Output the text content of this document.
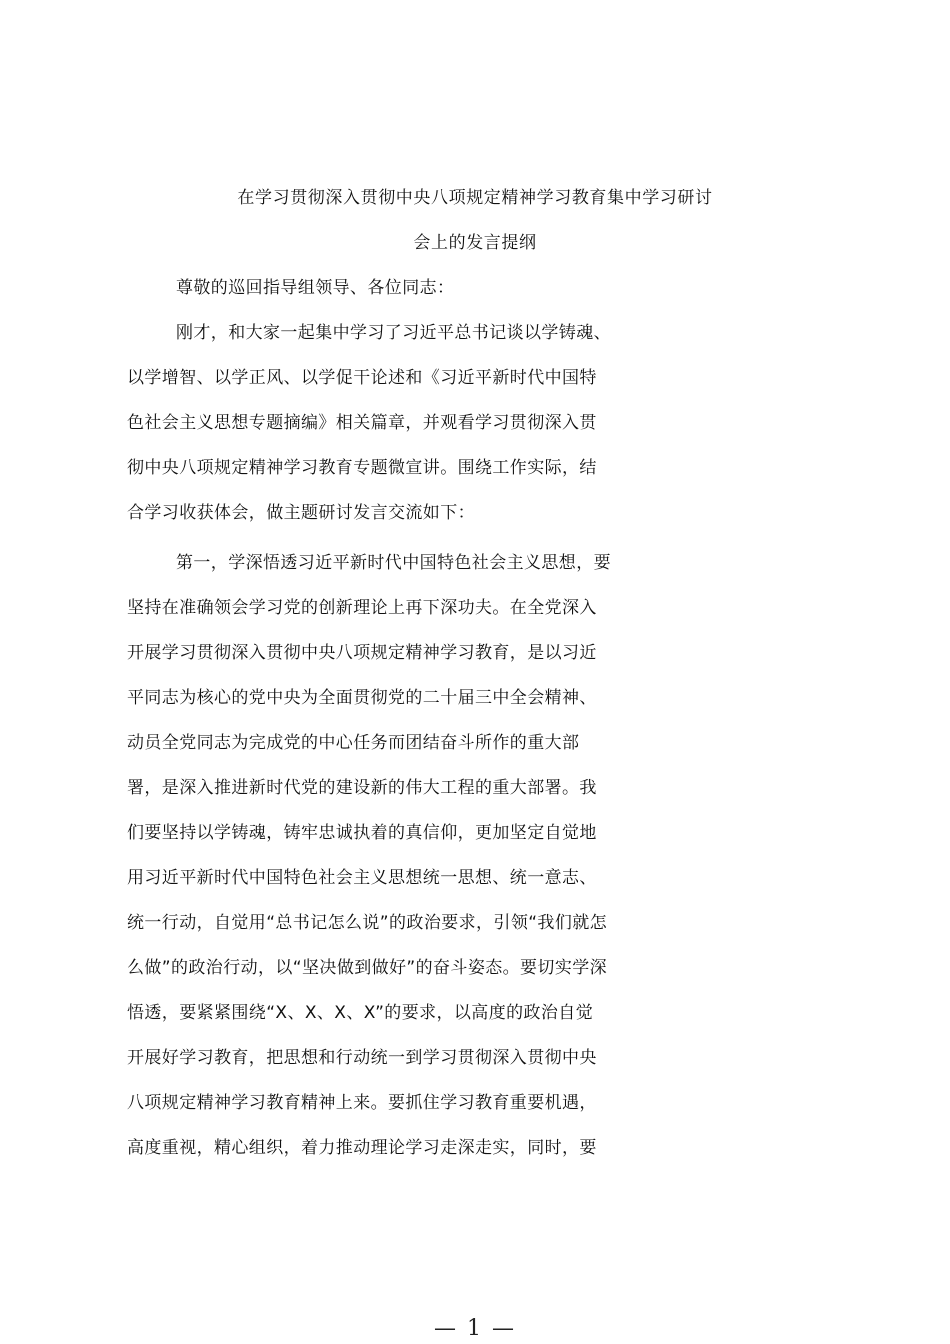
在学习贯彻深入贯彻中央八项规定精神学习教育集中学习研讨
会上的发言提纲
尊敬的巡回指导组领导、各位同志：
刚才，和大家一起集中学习了习近平总书记谈以学铸魂、
以学增智、以学正风、以学促干论述和《习近平新时代中国特
色社会主义思想专题摘编》相关篇章，并观看学习贯彻深入贯
彻中央八项规定精神学习教育专题微宣讲。围绕工作实际，结
合学习收获体会，做主题研讨发言交流如下：
第一，学深悟透习近平新时代中国特色社会主义思想，要
坚持在准确领会学习党的创新理论上再下深功夫。在全党深入
开展学习贯彻深入贯彻中央八项规定精神学习教育，是以习近
平同志为核心的党中央为全面贯彻党的二十届三中全会精神、
动员全党同志为完成党的中心任务而团结奋斗所作的重大部
署，是深入推进新时代党的建设新的伟大工程的重大部署。我
们要坚持以学铸魂，铸牢忠诚执着的真信仰，更加坚定自觉地
用习近平新时代中国特色社会主义思想统一思想、统一意志、
统一行动，自觉用“总书记怎么说”的政治要求，引领“我们就怎
么做”的政治行动，以“坚决做到做好”的奋斗姿态。要切实学深
悟透，要紧紧围绕“X、X、X、X”的要求，以高度的政治自觉
开展好学习教育，把思想和行动统一到学习贯彻深入贯彻中央
八项规定精神学习教育精神上来。要抓住学习教育重要机遇，
高度重视，精心组织，着力推动理论学习走深走实，同时，要
— 1 —
